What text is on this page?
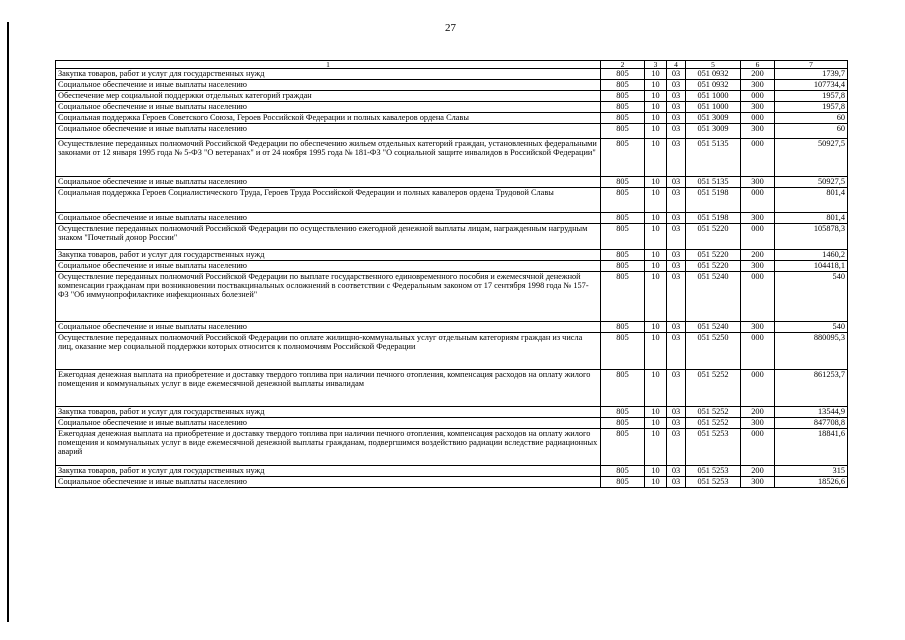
27
1	2	3	4	5	6	7
Закупка товаров, работ и услуг для государственных нужд	805	10	03	051 0932	200	1739,7
Социальное обеспечение и иные выплаты населению	805	10	03	051 0932	300	107734,4
Обеспечение мер социальной поддержки отдельных категорий граждан	805	10	03	051 1000	000	1957,8
Социальное обеспечение и иные выплаты населению	805	10	03	051 1000	300	1957,8
Социальная поддержка Героев Советского Союза, Героев Российской Федерации и полных кавалеров ордена Славы	805	10	03	051 3009	000	60
Социальное обеспечение и иные выплаты населению	805	10	03	051 3009	300	60
Осуществление переданных полномочий Российской Федерации по обеспечению жильем отдельных категорий граждан, установленных федеральными законами от 12 января 1995 года № 5-ФЗ "О ветеранах" и от 24 ноября 1995 года № 181-ФЗ "О социальной защите инвалидов в Российской Федерации"	805	10	03	051 5135	000	50927,5
Социальное обеспечение и иные выплаты населению	805	10	03	051 5135	300	50927,5
Социальная поддержка Героев Социалистического Труда, Героев Труда Российской Федерации и полных кавалеров ордена Трудовой Славы	805	10	03	051 5198	000	801,4
Социальное обеспечение и иные выплаты населению	805	10	03	051 5198	300	801,4
Осуществление переданных полномочий Российской Федерации по осуществлению ежегодной денежной выплаты лицам, награжденным нагрудным знаком "Почетный донор России"	805	10	03	051 5220	000	105878,3
Закупка товаров, работ и услуг для государственных нужд	805	10	03	051 5220	200	1460,2
Социальное обеспечение и иные выплаты населению	805	10	03	051 5220	300	104418,1
Осуществление переданных полномочий Российской Федерации по выплате государственного единовременного пособия и ежемесячной денежной компенсации гражданам при возникновении поствакцинальных осложнений в соответствии с Федеральным законом от 17 сентября 1998 года № 157-ФЗ "Об иммунопрофилактике инфекционных болезней"	805	10	03	051 5240	000	540
Социальное обеспечение и иные выплаты населению	805	10	03	051 5240	300	540
Осуществление переданных полномочий Российской Федерации по оплате жилищно-коммунальных услуг отдельным категориям граждан из числа лиц, оказание мер социальной поддержки которых относится к полномочиям Российской Федерации	805	10	03	051 5250	000	880095,3
Ежегодная денежная выплата на приобретение и доставку твердого топлива при наличии печного отопления, компенсация расходов на оплату жилого помещения и коммунальных услуг в виде ежемесячной денежной выплаты инвалидам	805	10	03	051 5252	000	861253,7
Закупка товаров, работ и услуг для государственных нужд	805	10	03	051 5252	200	13544,9
Социальное обеспечение и иные выплаты населению	805	10	03	051 5252	300	847708,8
Ежегодная денежная выплата на приобретение и доставку твердого топлива при наличии печного отопления, компенсация расходов на оплату жилого помещения и коммунальных услуг в виде ежемесячной денежной выплаты гражданам, подвергшимся воздействию радиации вследствие радиационных аварий	805	10	03	051 5253	000	18841,6
Закупка товаров, работ и услуг для государственных нужд	805	10	03	051 5253	200	315
Социальное обеспечение и иные выплаты населению	805	10	03	051 5253	300	18526,6
